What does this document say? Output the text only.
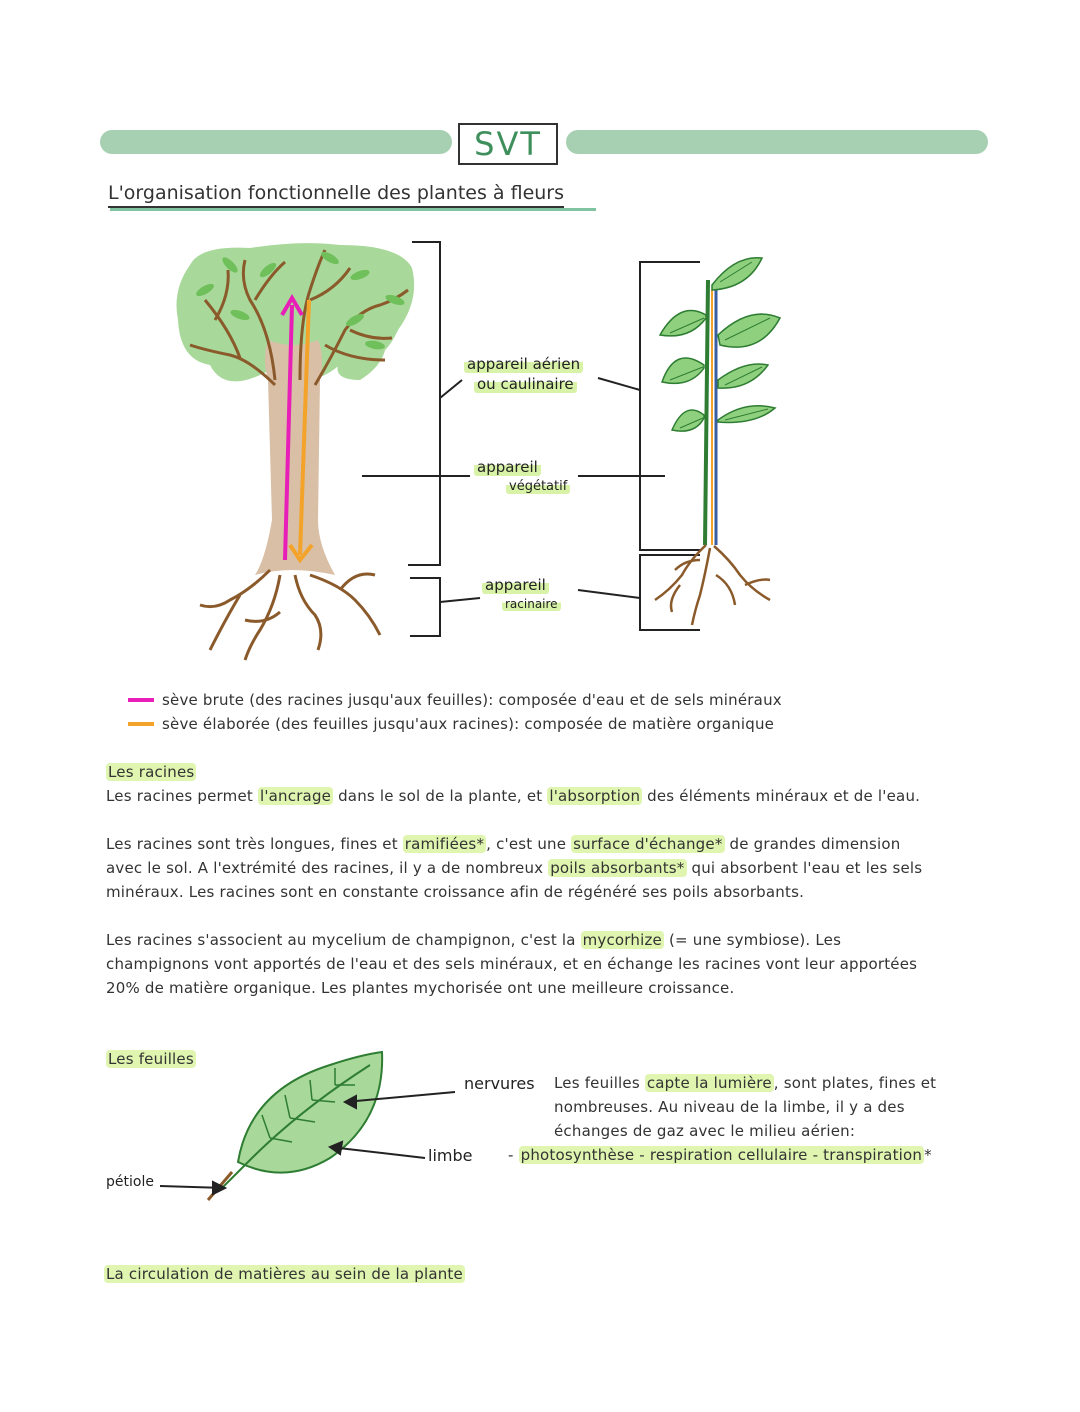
SVT
L'organisation fonctionnelle des plantes à fleurs
appareil aérien
ou caulinaire
appareil
végétatif
appareil
racinaire
sève brute (des racines jusqu'aux feuilles): composée d'eau et de sels minéraux
sève élaborée (des feuilles jusqu'aux racines): composée de matière organique
Les racines
Les racines permet l'ancrage dans le sol de la plante, et l'absorption des éléments minéraux et de l'eau.
Les racines sont très longues, fines et ramifiées* , c'est une surface d'échange* de grandes dimension
avec le sol. A l'extrémité des racines, il y a de nombreux poils absorbants* qui absorbent l'eau et les sels
minéraux. Les racines sont en constante croissance afin de régénéré ses poils absorbants.
Les racines s'associent au mycelium de champignon, c'est la mycorhize (= une symbiose). Les
champignons vont apportés de l'eau et des sels minéraux, et en échange les racines vont leur apportées
20% de matière organique. Les plantes mychorisée ont une meilleure croissance.
Les feuilles
nervures
limbe
pétiole
Les feuilles capte la lumière , sont plates, fines et
nombreuses. Au niveau de la limbe, il y a des
échanges de gaz avec le milieu aérien:
- photosynthèse - respiration cellulaire - transpiration *
La circulation de matières au sein de la plante
